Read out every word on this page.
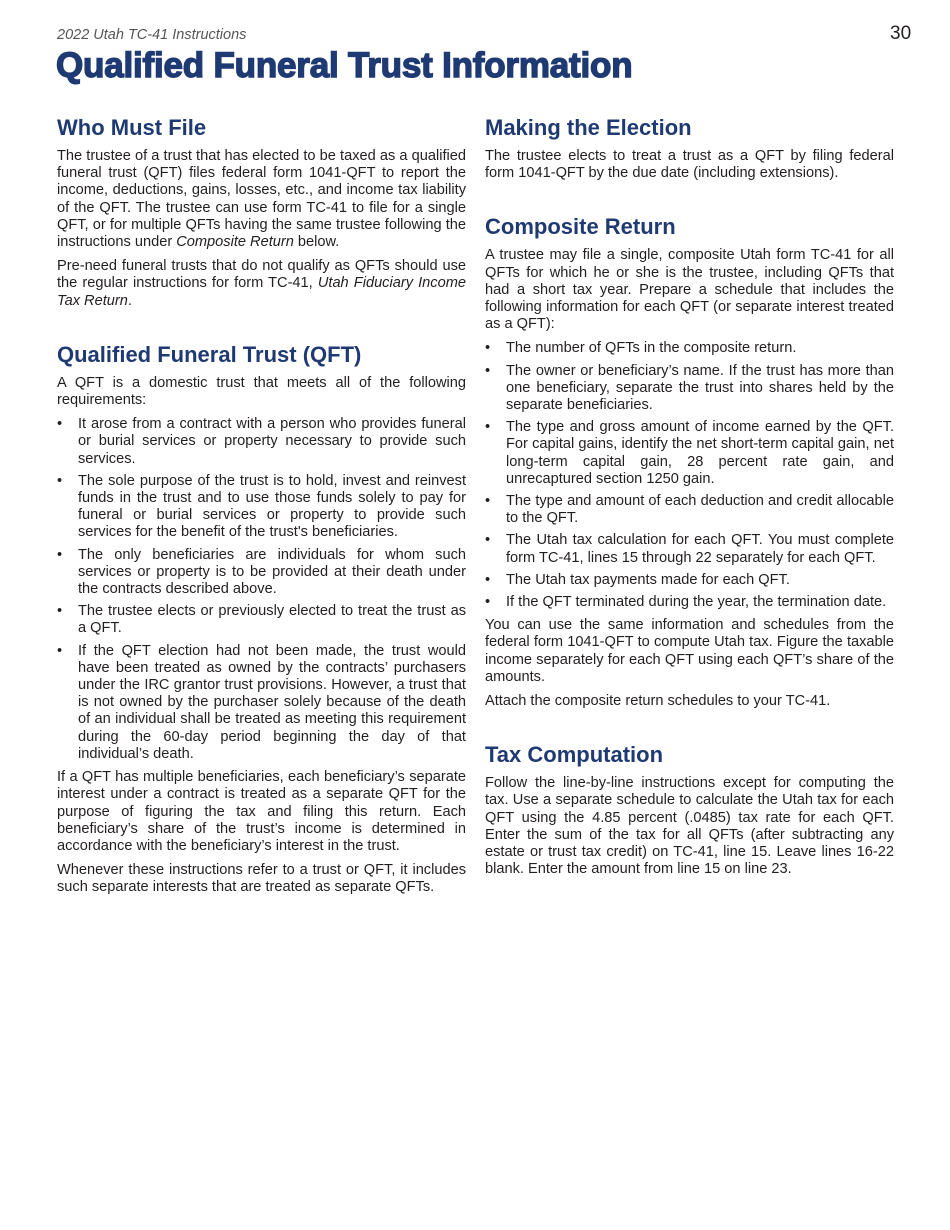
2022 Utah TC-41 Instructions	30
Qualified Funeral Trust Information
Who Must File

The trustee of a trust that has elected to be taxed as a qualified funeral trust (QFT) files federal form 1041-QFT to report the income, deductions, gains, losses, etc., and income tax liability of the QFT. The trustee can use form TC-41 to file for a single QFT, or for multiple QFTs having the same trustee following the instructions under Composite Return below.

Pre-need funeral trusts that do not qualify as QFTs should use the regular instructions for form TC-41, Utah Fiduciary Income Tax Return.

Qualified Funeral Trust (QFT)

A QFT is a domestic trust that meets all of the following requirements:

• It arose from a contract with a person who provides funeral or burial services or property necessary to provide such services.
• The sole purpose of the trust is to hold, invest and reinvest funds in the trust and to use those funds solely to pay for funeral or burial services or property to provide such services for the benefit of the trust's beneficiaries.
• The only beneficiaries are individuals for whom such services or property is to be provided at their death under the contracts described above.
• The trustee elects or previously elected to treat the trust as a QFT.
• If the QFT election had not been made, the trust would have been treated as owned by the contracts’ purchasers under the IRC grantor trust provisions. However, a trust that is not owned by the purchaser solely because of the death of an individual shall be treated as meeting this requirement during the 60-day period beginning the day of that individual’s death.

If a QFT has multiple beneficiaries, each beneficiary’s separate interest under a contract is treated as a separate QFT for the purpose of figuring the tax and filing this return. Each beneficiary’s share of the trust’s income is determined in accordance with the beneficiary’s interest in the trust.

Whenever these instructions refer to a trust or QFT, it includes such separate interests that are treated as separate QFTs.

Making the Election

The trustee elects to treat a trust as a QFT by filing federal form 1041-QFT by the due date (including extensions).

Composite Return

A trustee may file a single, composite Utah form TC-41 for all QFTs for which he or she is the trustee, including QFTs that had a short tax year. Prepare a schedule that includes the following information for each QFT (or separate interest treated as a QFT):

• The number of QFTs in the composite return.
• The owner or beneficiary’s name. If the trust has more than one beneficiary, separate the trust into shares held by the separate beneficiaries.
• The type and gross amount of income earned by the QFT. For capital gains, identify the net short-term capital gain, net long-term capital gain, 28 percent rate gain, and unrecaptured section 1250 gain.
• The type and amount of each deduction and credit allocable to the QFT.
• The Utah tax calculation for each QFT. You must complete form TC-41, lines 15 through 22 separately for each QFT.
• The Utah tax payments made for each QFT.
• If the QFT terminated during the year, the termination date.

You can use the same information and schedules from the federal form 1041-QFT to compute Utah tax. Figure the taxable income separately for each QFT using each QFT’s share of the amounts.

Attach the composite return schedules to your TC-41.

Tax Computation

Follow the line-by-line instructions except for computing the tax. Use a separate schedule to calculate the Utah tax for each QFT using the 4.85 percent (.0485) tax rate for each QFT. Enter the sum of the tax for all QFTs (after subtracting any estate or trust tax credit) on TC-41, line 15. Leave lines 16-22 blank. Enter the amount from line 15 on line 23.
